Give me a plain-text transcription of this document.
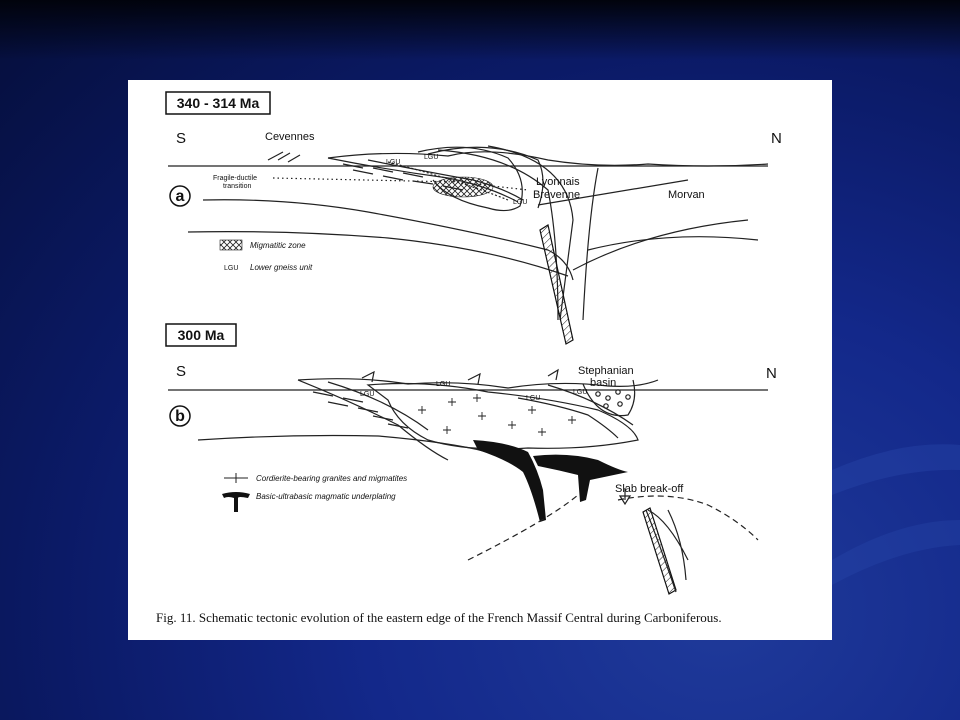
340 - 314 Ma
S	N
a
Cevennes
Fragile-ductile
transition
LGU
LGU
LGU
Lyonnais
Brevenne	Morvan
Migmatitic zone
LGU Lower gneiss unit
300 Ma
S	N
b
LGU
LGU
LGU
LGU
Stephanian
basin
Slab break-off
Cordierite-bearing granites and migmatites
Basic-ultrabasic magmatic underplating
Fig. 11. Schematic tectonic evolution of the eastern edge of the French Massif Central during Carboniferous.
